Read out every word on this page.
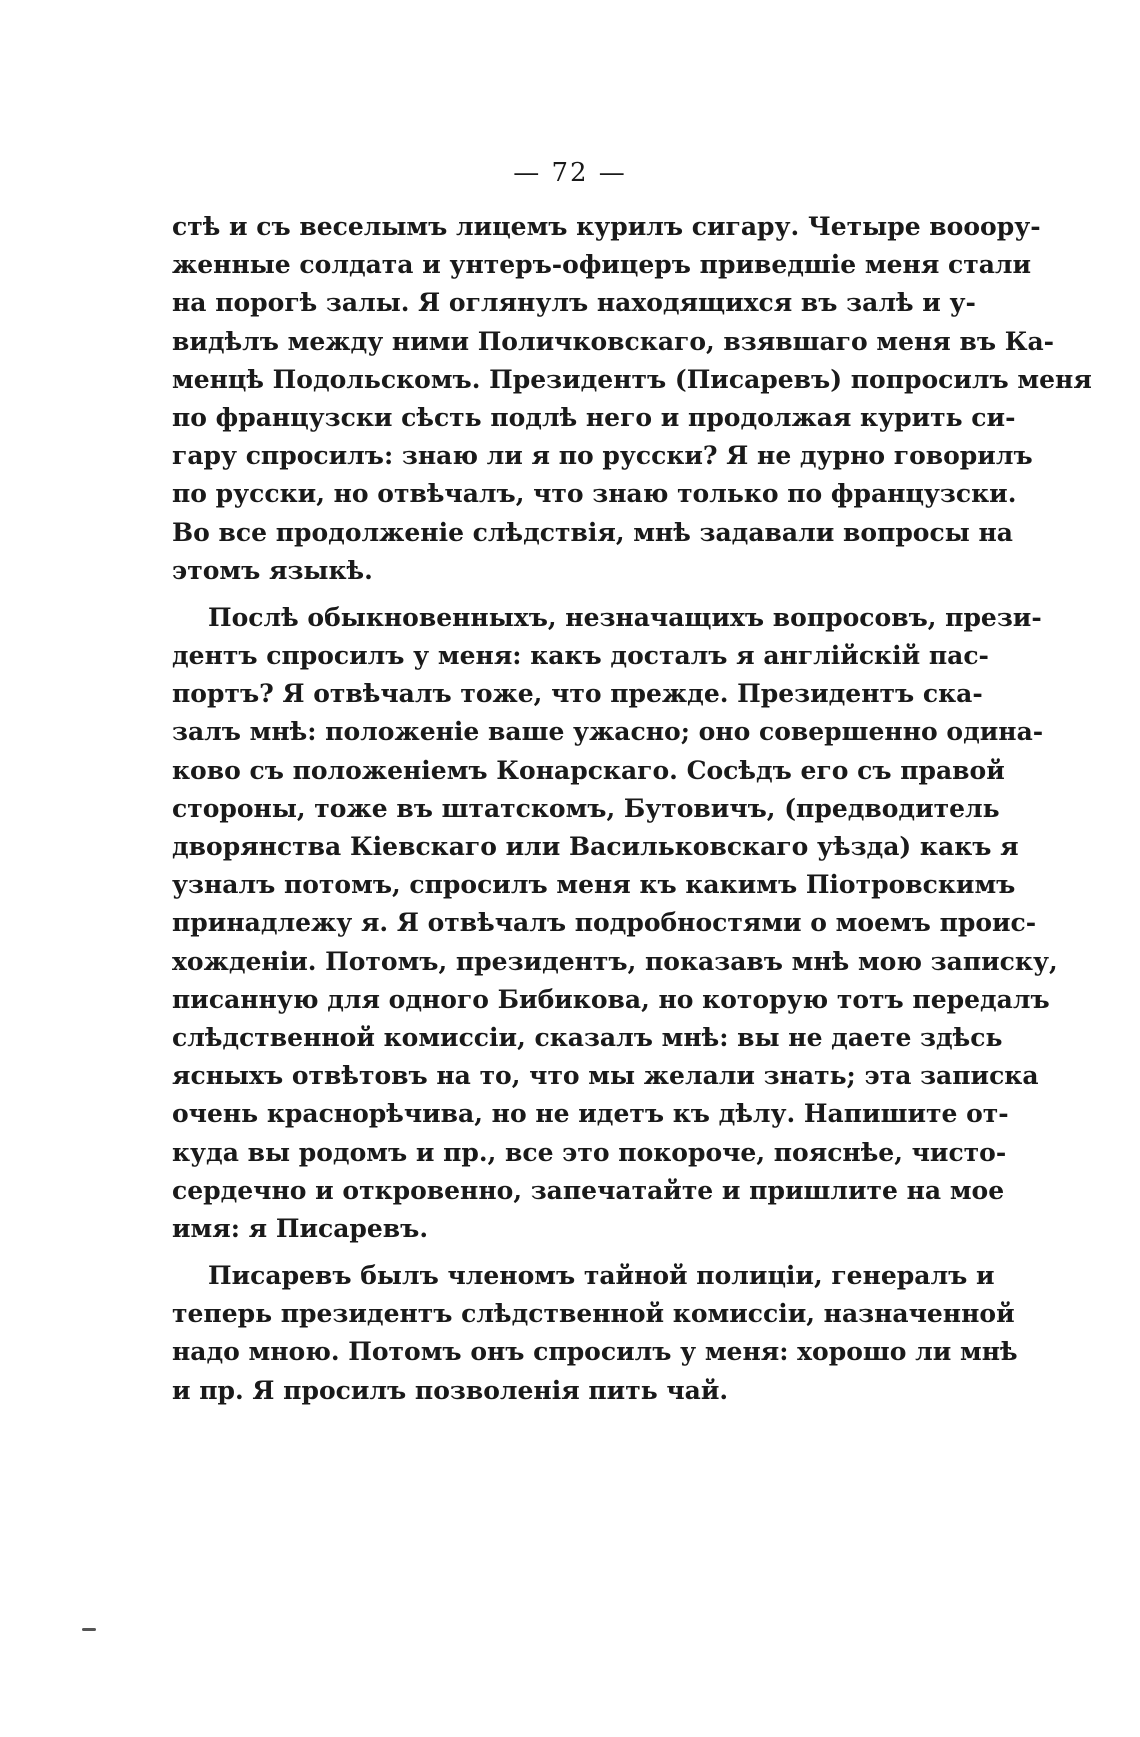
— 72 —
стѣ и съ веселымъ лицемъ курилъ сигару. Четыре вооору-
женные солдата и унтеръ-офицеръ приведшіе меня стали
на порогѣ залы. Я оглянулъ находящихся въ залѣ и у-
видѣлъ между ними Поличковскаго, взявшаго меня въ Ка-
менцѣ Подольскомъ. Президентъ (Писаревъ) попросилъ меня
по французски сѣсть подлѣ него и продолжая курить си-
гару спросилъ: знаю ли я по русски? Я не дурно говорилъ
по русски, но отвѣчалъ, что знаю только по французски.
Во все продолженіе слѣдствія, мнѣ задавали вопросы на
этомъ языкѣ.
Послѣ обыкновенныхъ, незначащихъ вопросовъ, прези-
дентъ спросилъ у меня: какъ досталъ я англійскій пас-
портъ? Я отвѣчалъ тоже, что прежде. Президентъ ска-
залъ мнѣ: положеніе ваше ужасно; оно совершенно одина-
ково съ положеніемъ Конарскаго. Сосѣдъ его съ правой
стороны, тоже въ штатскомъ, Бутовичъ, (предводитель
дворянства Кіевскаго или Васильковскаго уѣзда) какъ я
узналъ потомъ, спросилъ меня къ какимъ Піотровскимъ
принадлежу я. Я отвѣчалъ подробностями о моемъ проис-
хожденіи. Потомъ, президентъ, показавъ мнѣ мою записку,
писанную для одного Бибикова, но которую тотъ передалъ
слѣдственной комиссіи, сказалъ мнѣ: вы не даете здѣсь
ясныхъ отвѣтовъ на то, что мы желали знать; эта записка
очень краснорѣчива, но не идетъ къ дѣлу. Напишите от-
куда вы родомъ и пр., все это покороче, пояснѣе, чисто-
сердечно и откровенно, запечатайте и пришлите на мое
имя: я Писаревъ.
Писаревъ былъ членомъ тайной полиціи, генералъ и
теперь президентъ слѣдственной комиссіи, назначенной
надо мною. Потомъ онъ спросилъ у меня: хорошо ли мнѣ
и пр. Я просилъ позволенія пить чай.
